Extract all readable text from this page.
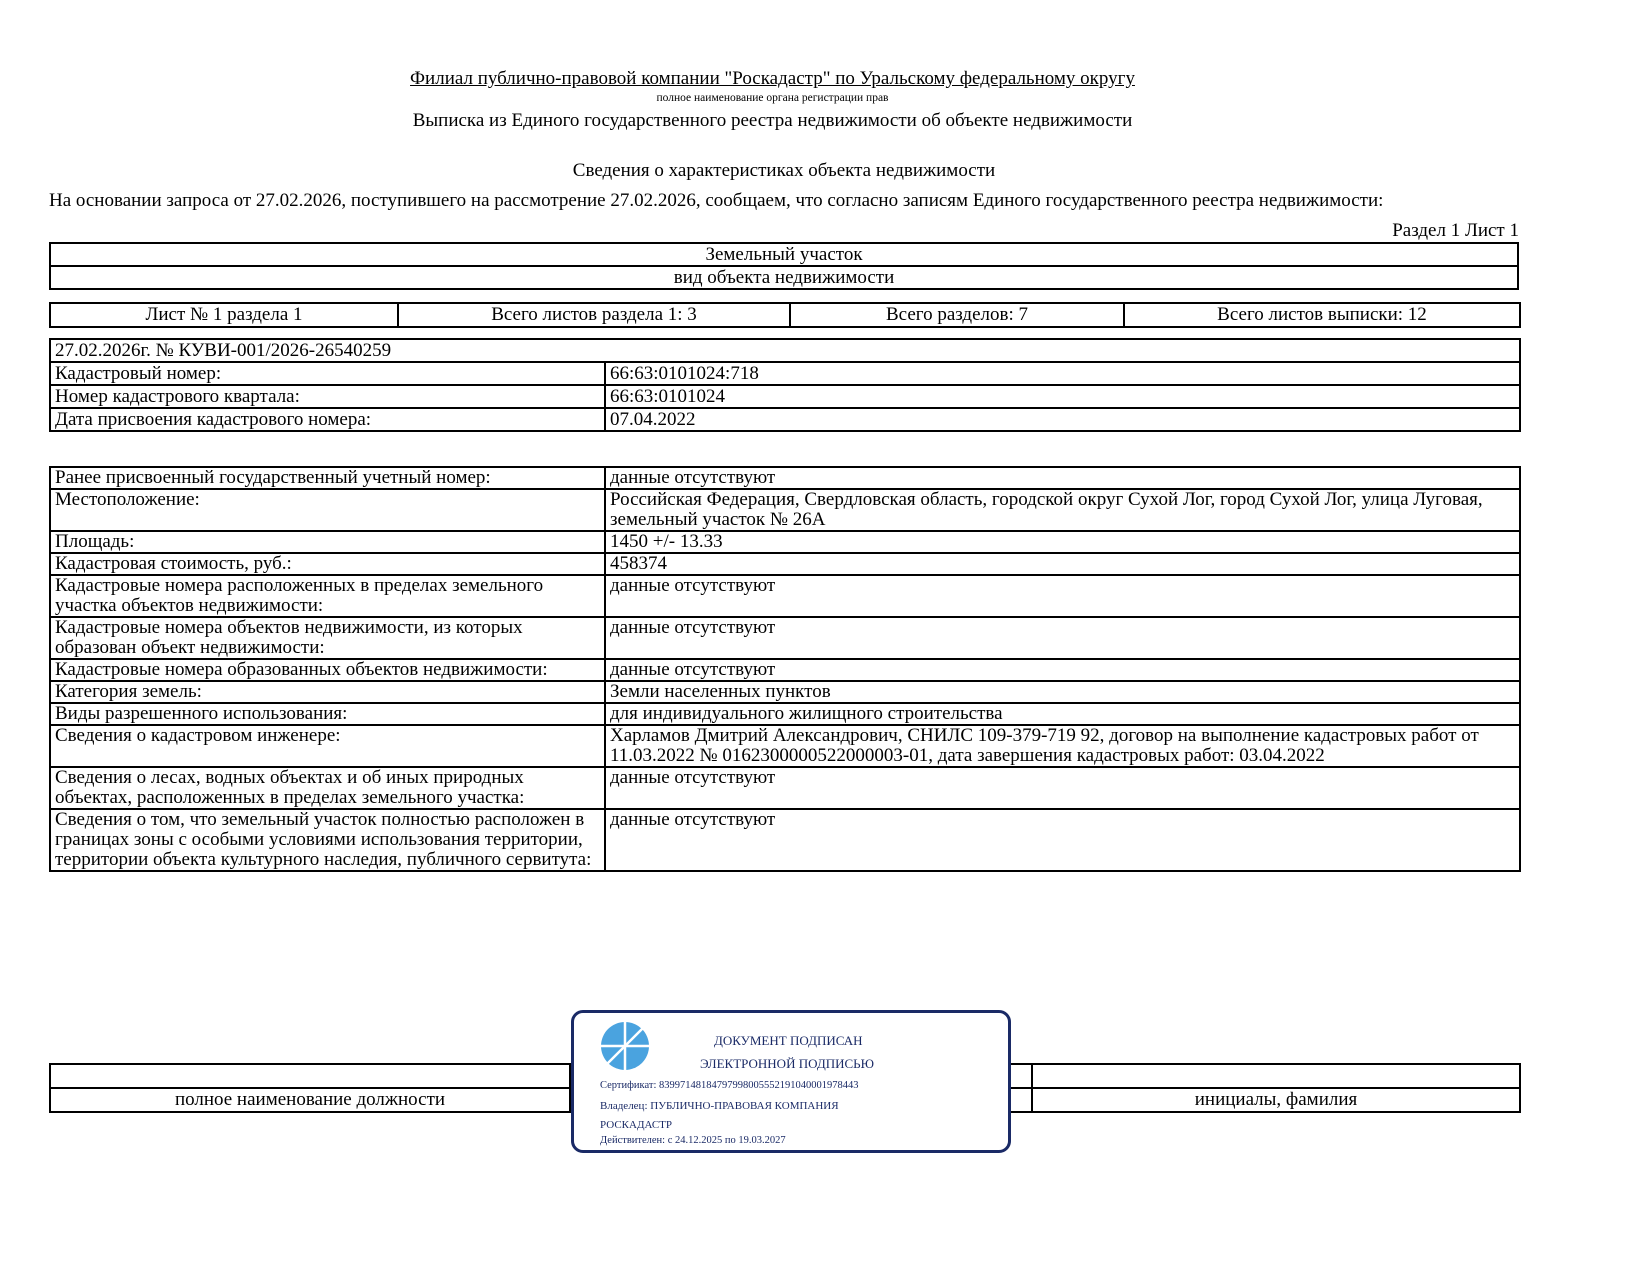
Филиал публично-правовой компании "Роскадастр" по Уральскому федеральному округу
полное наименование органа регистрации прав
Выписка из Единого государственного реестра недвижимости об объекте недвижимости
Сведения о характеристиках объекта недвижимости
На основании запроса от 27.02.2026, поступившего на рассмотрение 27.02.2026, сообщаем, что согласно записям Единого государственного реестра недвижимости:
Раздел 1 Лист 1
Земельный участок
вид объекта недвижимости
Лист № 1 раздела 1	Всего листов раздела 1: 3	Всего разделов: 7	Всего листов выписки: 12
27.02.2026г. № КУВИ-001/2026-26540259	
Кадастровый номер:	66:63:0101024:718
Номер кадастрового квартала:	66:63:0101024
Дата присвоения кадастрового номера:	07.04.2022
Ранее присвоенный государственный учетный номер:	данные отсутствуют
Местоположение:	Российская Федерация, Свердловская область, городской округ Сухой Лог, город Сухой Лог, улица Луговая, земельный участок № 26А
Площадь:	1450 +/- 13.33
Кадастровая стоимость, руб.:	458374
Кадастровые номера расположенных в пределах земельного участка объектов недвижимости:	данные отсутствуют
Кадастровые номера объектов недвижимости, из которых образован объект недвижимости:	данные отсутствуют
Кадастровые номера образованных объектов недвижимости:	данные отсутствуют
Категория земель:	Земли населенных пунктов
Виды разрешенного использования:	для индивидуального жилищного строительства
Сведения о кадастровом инженере:	Харламов Дмитрий Александрович, СНИЛС 109-379-719 92, договор на выполнение кадастровых работ от 11.03.2022 № 0162300000522000003-01, дата завершения кадастровых работ: 03.04.2022
Сведения о лесах, водных объектах и об иных природных объектах, расположенных в пределах земельного участка:	данные отсутствуют
Сведения о том, что земельный участок полностью расположен в границах зоны с особыми условиями использования территории, территории объекта культурного наследия, публичного сервитута:	данные отсутствуют

полное наименование должности		инициалы, фамилия
ДОКУМЕНТ ПОДПИСАН
ЭЛЕКТРОННОЙ ПОДПИСЬЮ
Сертификат: 83997148184797998005552191040001978443
Владелец: ПУБЛИЧНО-ПРАВОВАЯ КОМПАНИЯ
РОСКАДАСТР
Действителен: с 24.12.2025 по 19.03.2027
